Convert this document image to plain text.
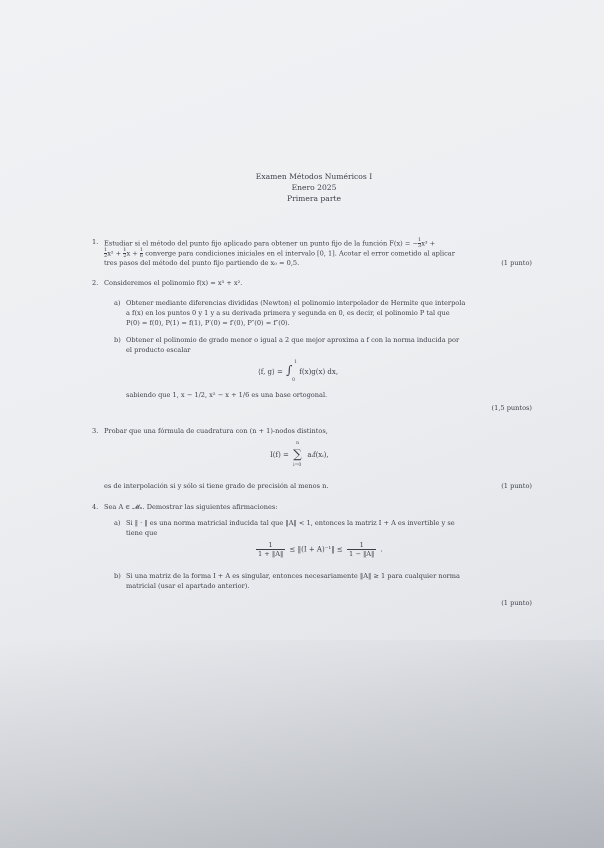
Examen Métodos Numéricos I
Enero 2025
Primera parte
1. Estudiar si el método del punto fijo aplicado para obtener un punto fijo de la función F(x) = − $\frac{1}{3} x^3$ +
$\frac{1}{2} x^2 + \frac{1}{2}$ $x + \frac{1}{6}$ converge para condiciones iniciales en el intervalo [0, 1]. Acotar el error cometido al aplicar
tres pasos del método del punto fijo partiendo de x₀ = 0,5.	(1 punto)
2. Consideremos el polinomio f(x) = x³ + x².
a) Obtener mediante diferencias divididas (Newton) el polinomio interpolador de Hermite que interpola
a f(x) en los puntos 0 y 1 y a su derivada primera y segunda en 0, es decir, el polinomio P tal que
P(0) = f(0), P(1) = f(1), P′(0) = f′(0), P″(0) = f″(0).
b) Obtener el polinomio de grado menor o igual a 2 que mejor aproxima a f con la norma inducida por
el producto escalar
⟨f, g⟩ = ∫
1
0
f(x)g(x) dx,
sabiendo que 1, x − 1/2, x² − x + 1/6 es una base ortogonal.
(1,5 puntos)
3. Probar que una fórmula de cuadratura con (n + 1)-nodos distintos,
I(f) =
n
∑
i=0
aᵢf(xᵢ),
es de interpolación si y sólo si tiene grado de precisión al menos n.	(1 punto)
4. Sea A ∈ 𝓜ₙ. Demostrar las siguientes afirmaciones:
a) Si ‖ · ‖ es una norma matricial inducida tal que ‖A‖ < 1, entonces la matriz I + A es invertible y se
tiene que
$\frac{1}{1 + ‖A‖}$ ≤ ‖(I + A)⁻¹‖ ≤ $\frac{1}{1 - ‖A‖}$ .
b) Si una matriz de la forma I + A es singular, entonces necesariamente ‖A‖ ≥ 1 para cualquier norma
matricial (usar el apartado anterior).
(1 punto)
